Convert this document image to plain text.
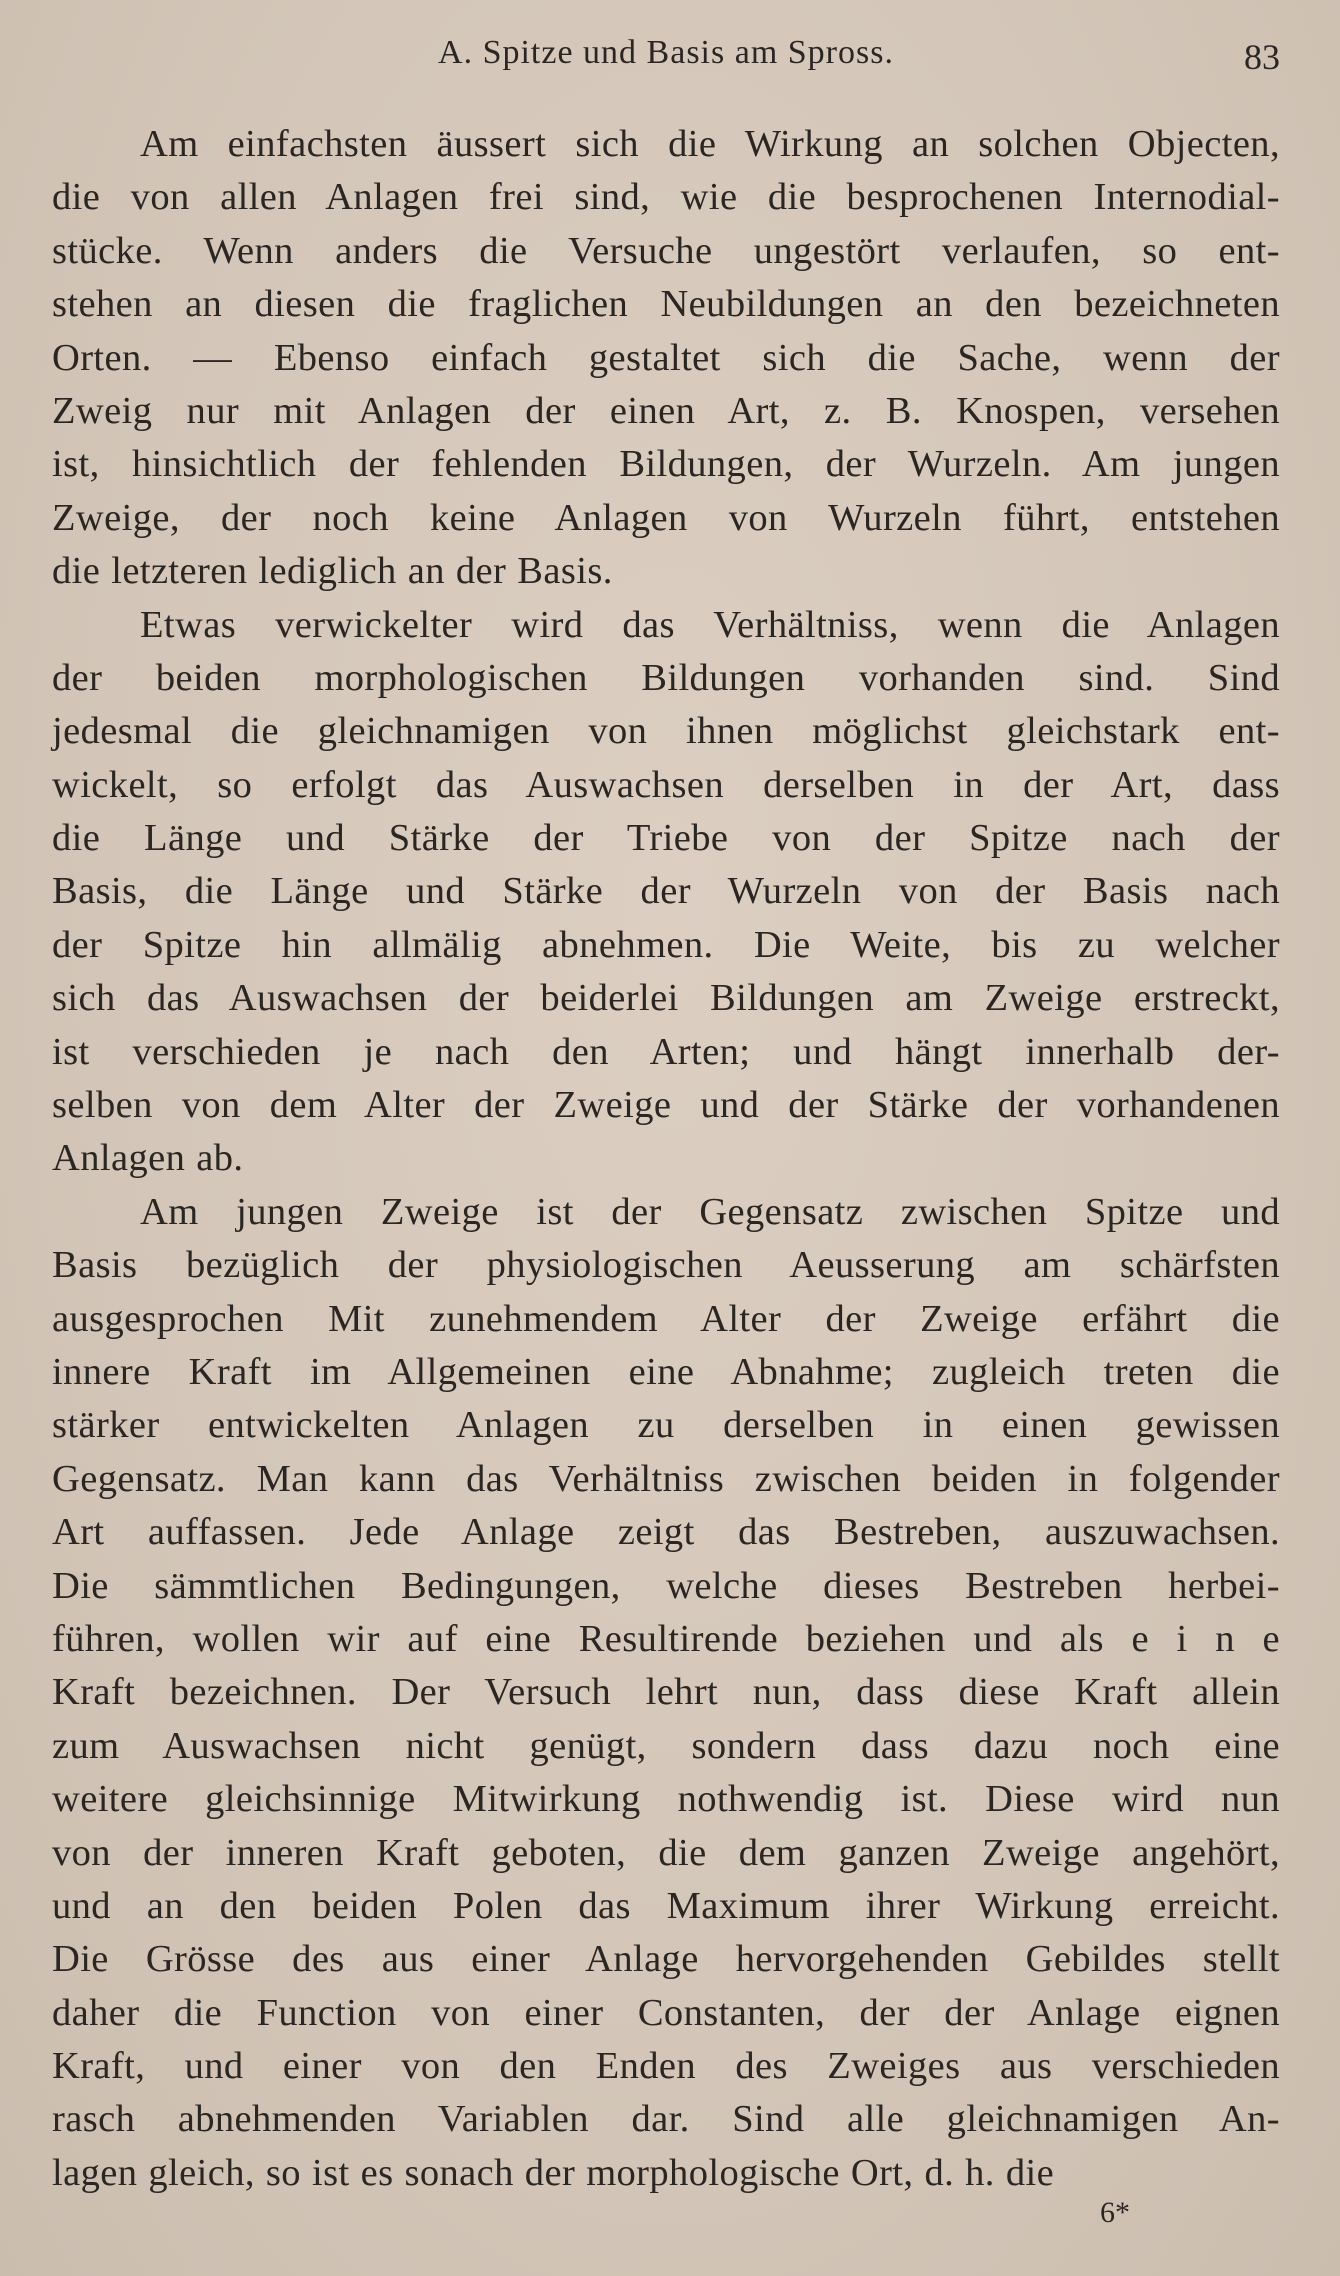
A. Spitze und Basis am Spross.	83
Am einfachsten äussert sich die Wirkung an solchen Objecten,
die von allen Anlagen frei sind, wie die besprochenen Internodial-
stücke. Wenn anders die Versuche ungestört verlaufen, so ent-
stehen an diesen die fraglichen Neubildungen an den bezeichneten
Orten. — Ebenso einfach gestaltet sich die Sache, wenn der
Zweig nur mit Anlagen der einen Art, z. B. Knospen, versehen
ist, hinsichtlich der fehlenden Bildungen, der Wurzeln. Am jungen
Zweige, der noch keine Anlagen von Wurzeln führt, entstehen
die letzteren lediglich an der Basis.
Etwas verwickelter wird das Verhältniss, wenn die Anlagen
der beiden morphologischen Bildungen vorhanden sind. Sind
jedesmal die gleichnamigen von ihnen möglichst gleichstark ent-
wickelt, so erfolgt das Auswachsen derselben in der Art, dass
die Länge und Stärke der Triebe von der Spitze nach der
Basis, die Länge und Stärke der Wurzeln von der Basis nach
der Spitze hin allmälig abnehmen. Die Weite, bis zu welcher
sich das Auswachsen der beiderlei Bildungen am Zweige erstreckt,
ist verschieden je nach den Arten; und hängt innerhalb der-
selben von dem Alter der Zweige und der Stärke der vorhandenen
Anlagen ab.
Am jungen Zweige ist der Gegensatz zwischen Spitze und
Basis bezüglich der physiologischen Aeusserung am schärfsten
ausgesprochen Mit zunehmendem Alter der Zweige erfährt die
innere Kraft im Allgemeinen eine Abnahme; zugleich treten die
stärker entwickelten Anlagen zu derselben in einen gewissen
Gegensatz. Man kann das Verhältniss zwischen beiden in folgender
Art auffassen. Jede Anlage zeigt das Bestreben, auszuwachsen.
Die sämmtlichen Bedingungen, welche dieses Bestreben herbei-
führen, wollen wir auf eine Resultirende beziehen und als e i n e
Kraft bezeichnen. Der Versuch lehrt nun, dass diese Kraft allein
zum Auswachsen nicht genügt, sondern dass dazu noch eine
weitere gleichsinnige Mitwirkung nothwendig ist. Diese wird nun
von der inneren Kraft geboten, die dem ganzen Zweige angehört,
und an den beiden Polen das Maximum ihrer Wirkung erreicht.
Die Grösse des aus einer Anlage hervorgehenden Gebildes stellt
daher die Function von einer Constanten, der der Anlage eignen
Kraft, und einer von den Enden des Zweiges aus verschieden
rasch abnehmenden Variablen dar. Sind alle gleichnamigen An-
lagen gleich, so ist es sonach der morphologische Ort, d. h. die
6*
